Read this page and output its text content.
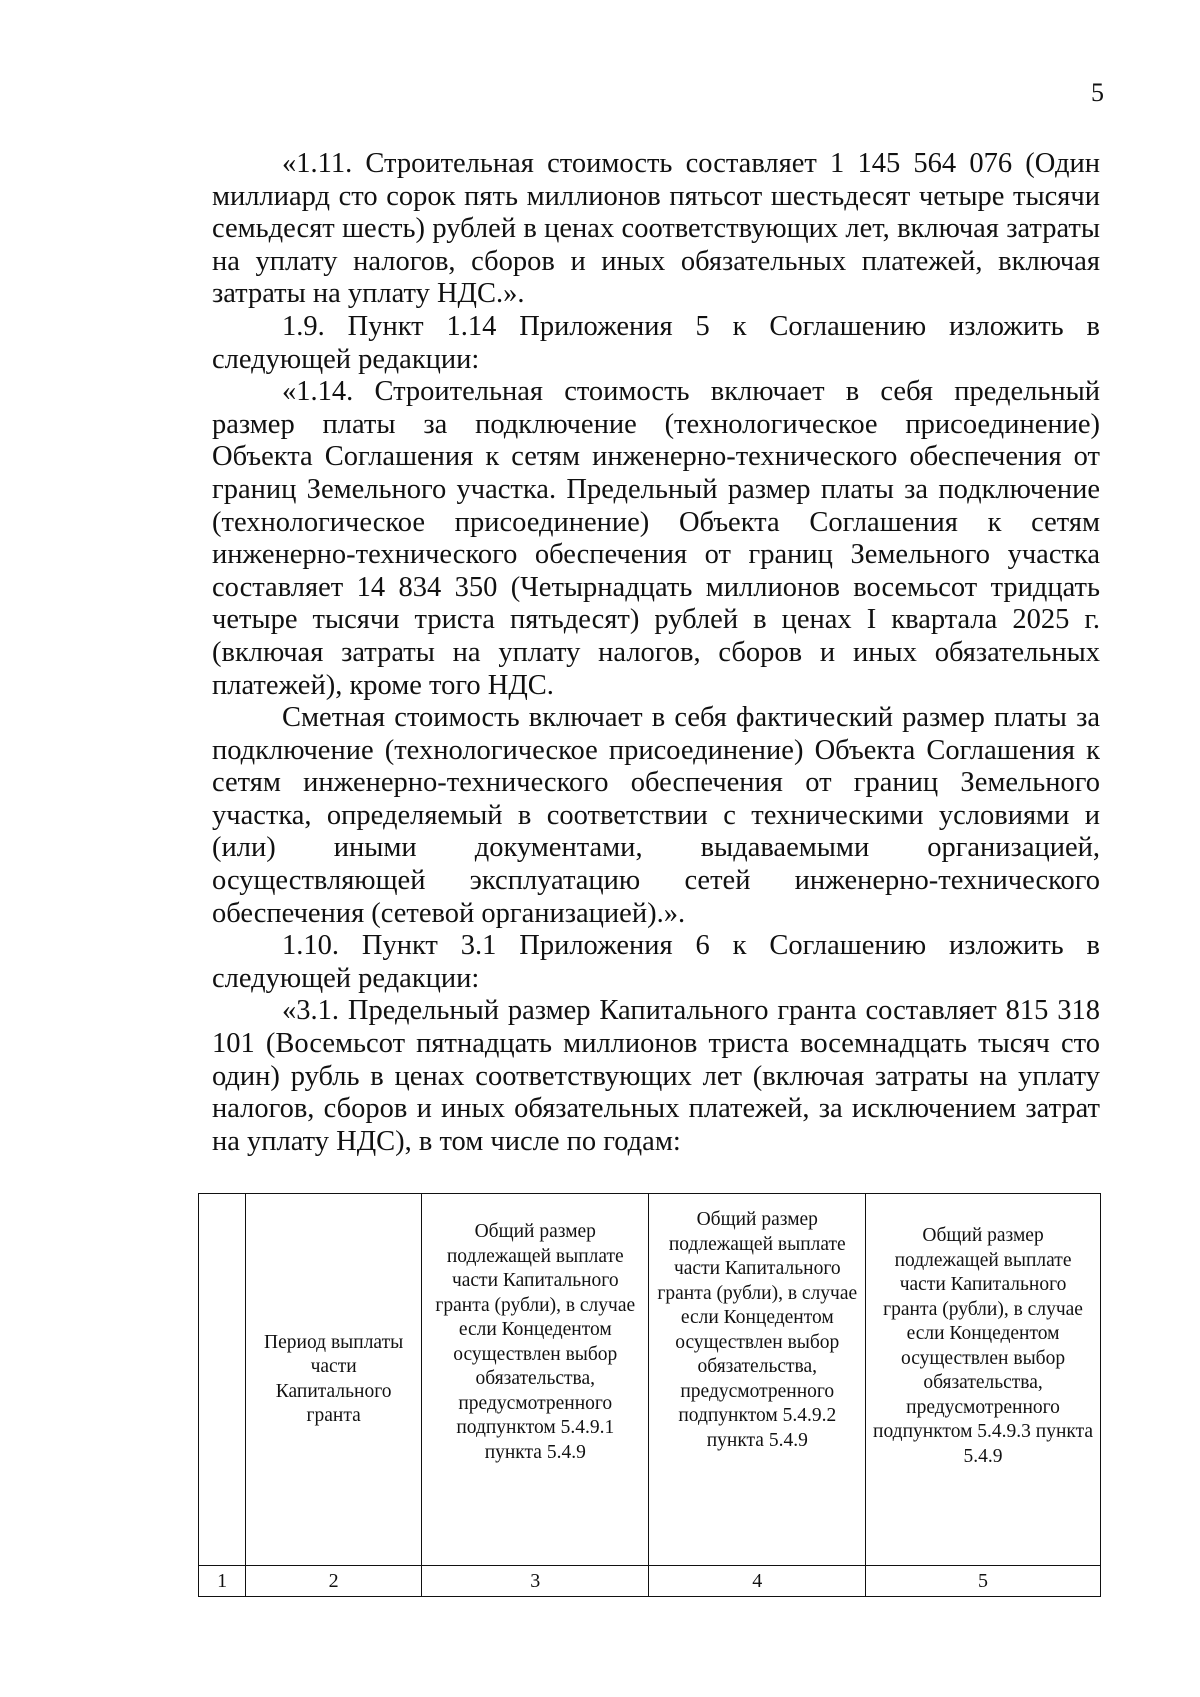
5

«1.11. Строительная стоимость составляет 1 145 564 076 (Один миллиард сто сорок пять миллионов пятьсот шестьдесят четыре тысячи семьдесят шесть) рублей в ценах соответствующих лет, включая затраты на уплату налогов, сборов и иных обязательных платежей, включая затраты на уплату НДС.».

1.9. Пункт 1.14 Приложения 5 к Соглашению изложить в следующей редакции:

«1.14. Строительная стоимость включает в себя предельный размер платы за подключение (технологическое присоединение) Объекта Соглашения к сетям инженерно-технического обеспечения от границ Земельного участка. Предельный размер платы за подключение (технологическое присоединение) Объекта Соглашения к сетям инженерно-технического обеспечения от границ Земельного участка составляет 14 834 350 (Четырнадцать миллионов восемьсот тридцать четыре тысячи триста пятьдесят) рублей в ценах I квартала 2025 г. (включая затраты на уплату налогов, сборов и иных обязательных платежей), кроме того НДС.

Сметная стоимость включает в себя фактический размер платы за подключение (технологическое присоединение) Объекта Соглашения к сетям инженерно-технического обеспечения от границ Земельного участка, определяемый в соответствии с техническими условиями и (или) иными документами, выдаваемыми организацией, осуществляющей эксплуатацию сетей инженерно-технического обеспечения (сетевой организацией).».

1.10. Пункт 3.1 Приложения 6 к Соглашению изложить в следующей редакции:

«3.1. Предельный размер Капитального гранта составляет 815 318 101 (Восемьсот пятнадцать миллионов триста восемнадцать тысяч сто один) рубль в ценах соответствующих лет (включая затраты на уплату налогов, сборов и иных обязательных платежей, за исключением затрат на уплату НДС), в том числе по годам:

	Период выплаты части Капитального гранта	Общий размер подлежащей выплате части Капитального гранта (рубли), в случае если Концедентом осуществлен выбор обязательства, предусмотренного подпунктом 5.4.9.1 пункта 5.4.9	Общий размер подлежащей выплате части Капитального гранта (рубли), в случае если Концедентом осуществлен выбор обязательства, предусмотренного подпунктом 5.4.9.2 пункта 5.4.9	Общий размер подлежащей выплате части Капитального гранта (рубли), в случае если Концедентом осуществлен выбор обязательства, предусмотренного подпунктом 5.4.9.3 пункта 5.4.9
1	2	3	4	5
